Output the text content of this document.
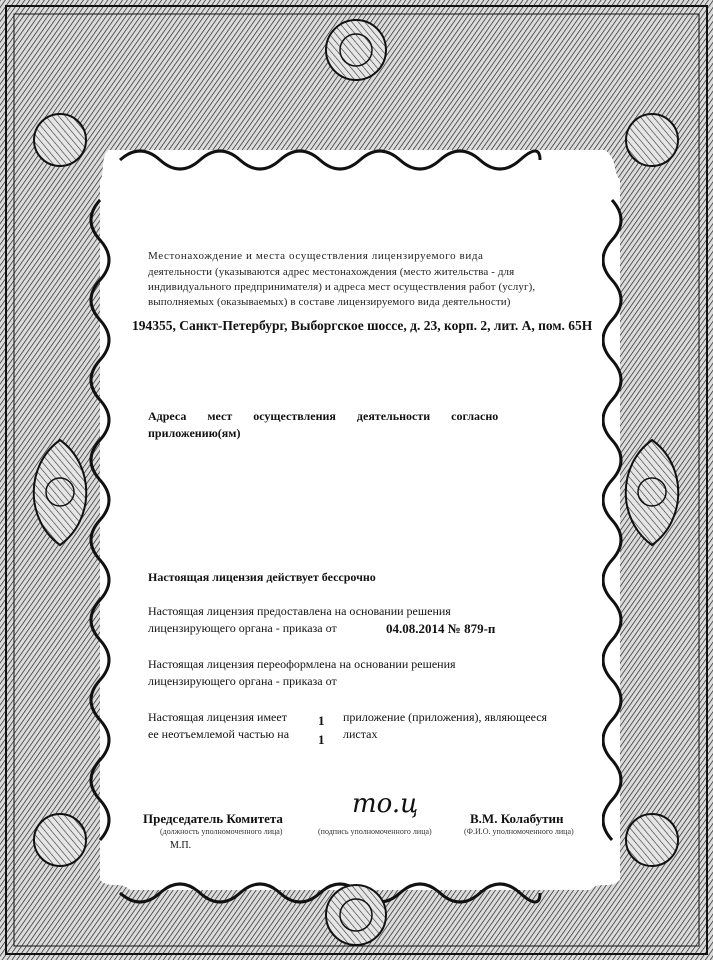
Местонахождение и места осуществления лицензируемого вида
деятельности (указываются адрес местонахождения (место жительства - для
индивидуального предпринимателя) и адреса мест осуществления работ (услуг),
выполняемых (оказываемых) в составе лицензируемого вида деятельности)
194355, Санкт-Петербург, Выборгское шоссе, д. 23, корп. 2, лит. А, пом. 65Н
Адреса мест осуществления деятельности согласно
приложению(ям)
Настоящая лицензия действует бессрочно
Настоящая лицензия предоставлена на основании решения
лицензирующего органа - приказа от	04.08.2014 № 879-п
Настоящая лицензия переоформлена на основании решения
лицензирующего органа - приказа от
Настоящая лицензия имеет 1 приложение (приложения), являющееся
ее неотъемлемой частью на 1 листах
Председатель Комитета
(должность уполномоченного лица)
mo.ц
(подпись уполномоченного лица)
В.М. Колабутин
(Ф.И.О. уполномоченного лица)
М.П.
